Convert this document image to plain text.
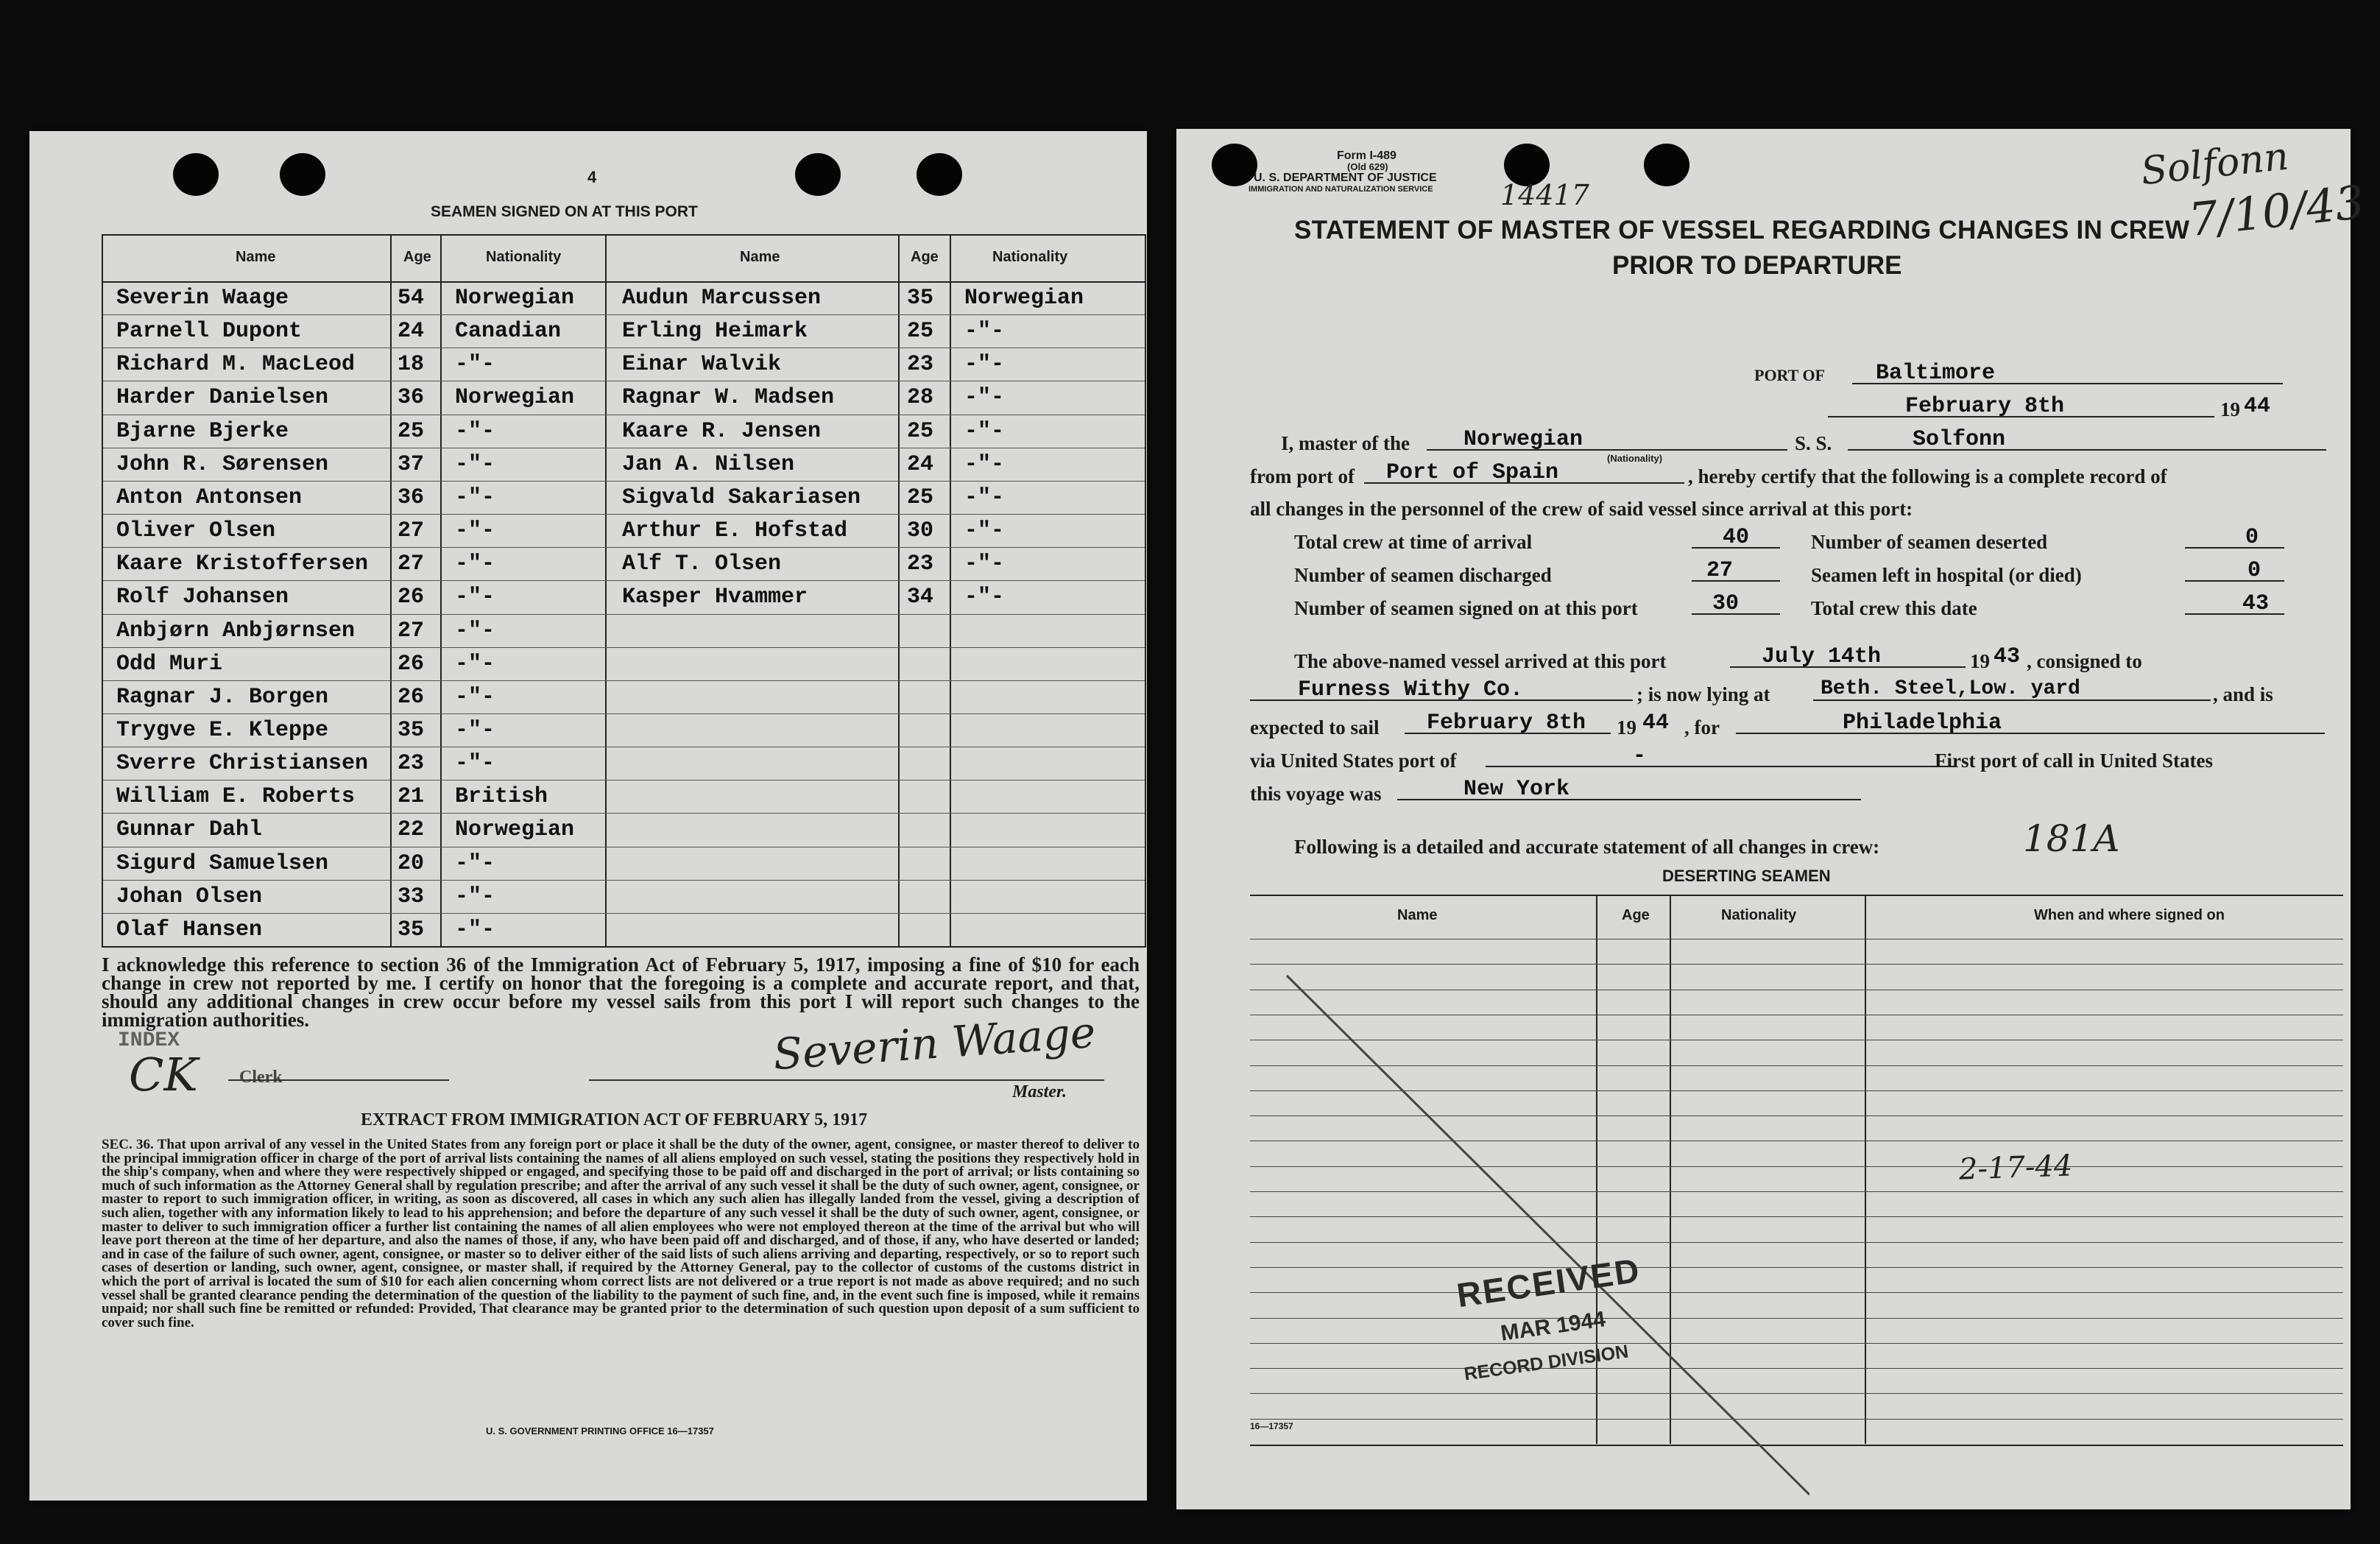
4
SEAMEN SIGNED ON AT THIS PORT
Name	Age	Nationality	Name	Age	Nationality
Severin Waage	54 Norwegian
Parnell Dupont	24 Canadian
Richard M. MacLeod 18 -"-
Harder Danielsen	36 Norwegian
Bjarne Bjerke	25 -"-
John R. Sørensen	37 -"-
Anton Antonsen	36 -"-
Oliver Olsen	27 -"-
Kaare Kristoffersen 27 -"-
Rolf Johansen	26 -"-
Anbjørn Anbjørnsen 27 -"-
Odd Muri	26 -"-
Ragnar J. Borgen	26 -"-
Trygve E. Kleppe	35 -"-
Sverre Christiansen 23 -"-
William E. Roberts 21 British
Gunnar Dahl	22 Norwegian
Sigurd Samuelsen	20 -"-
Johan Olsen	33 -"-
Olaf Hansen	35 -"-
Audun Marcussen	35 Norwegian
Erling Heimark	25 -"-
Einar Walvik	23 -"-
Ragnar W. Madsen	28 -"-
Kaare R. Jensen	25 -"-
Jan A. Nilsen	24 -"-
Sigvald Sakariasen 25 -"-
Arthur E. Hofstad	30 -"-
Alf T. Olsen	23 -"-
Kasper Hvammer	34 -"-
I acknowledge this reference to section 36 of the Immigration Act of February 5, 1917, imposing a fine of $10 for each change in crew not reported by me. I certify on honor that the foregoing is a complete and accurate report, and that, should any additional changes in crew occur before my vessel sails from this port I will report such changes to the immigration authorities.
CK
INDEX
Clerk	Severin Waage
Master.
EXTRACT FROM IMMIGRATION ACT OF FEBRUARY 5, 1917
SEC. 36. That upon arrival of any vessel in the United States from any foreign port or place it shall be the duty of the owner, agent, consignee, or master thereof to deliver to the principal immigration officer in charge of the port of arrival lists containing the names of all aliens employed on such vessel, stating the positions they respectively hold in the ship's company, when and where they were respectively shipped or engaged, and specifying those to be paid off and discharged in the port of arrival; or lists containing so much of such information as the Attorney General shall by regulation prescribe; and after the arrival of any such vessel it shall be the duty of such owner, agent, consignee, or master to report to such immigration officer, in writing, as soon as discovered, all cases in which any such alien has illegally landed from the vessel, giving a description of such alien, together with any information likely to lead to his apprehension; and before the departure of any such vessel it shall be the duty of such owner, agent, consignee, or master to deliver to such immigration officer a further list containing the names of all alien employees who were not employed thereon at the time of the arrival but who will leave port thereon at the time of her departure, and also the names of those, if any, who have been paid off and discharged, and of those, if any, who have deserted or landed; and in case of the failure of such owner, agent, consignee, or master so to deliver either of the said lists of such aliens arriving and departing, respectively, or so to report such cases of desertion or landing, such owner, agent, consignee, or master shall, if required by the Attorney General, pay to the collector of customs of the customs district in which the port of arrival is located the sum of $10 for each alien concerning whom correct lists are not delivered or a true report is not made as above required; and no such vessel shall be granted clearance pending the determination of the question of the liability to the payment of such fine, and, in the event such fine is imposed, while it remains unpaid; nor shall such fine be remitted or refunded: Provided, That clearance may be granted prior to the determination of such question upon deposit of a sum sufficient to cover such fine.
U. S. GOVERNMENT PRINTING OFFICE 16—17357
Form I-489
(Old 629)
U. S. DEPARTMENT OF JUSTICE
IMMIGRATION AND NATURALIZATION SERVICE 14417
Solfonn
7/10/43
STATEMENT OF MASTER OF VESSEL REGARDING CHANGES IN CREW
PRIOR TO DEPARTURE
PORT OF Baltimore
February 8th	19 44
I, master of the Norwegian
(Nationality)
S. S.	Solfonn
from port of Port of Spain	, hereby certify that the following is a complete record of
all changes in the personnel of the crew of said vessel since arrival at this port:
Total crew at time of arrival	40	Number of seamen deserted	0
Number of seamen discharged	27	Seamen left in hospital (or died)	0
Number of seamen signed on at this port	30	Total crew this date	43
The above-named vessel arrived at this port	July 14th	19 43 , consigned to
Furness Withy Co.	; is now lying at Beth. Steel,Low. yard	, and is
expected to sail February 8th 19 44 , for	Philadelphia
via United States port of	-	First port of call in United States
this voyage was	New York
Following is a detailed and accurate statement of all changes in crew:	181A
DESERTING SEAMEN
Name	Age	Nationality	When and where signed on
2-17-44
RECEIVED
MAR 1944
RECORD DIVISION
16—17357
